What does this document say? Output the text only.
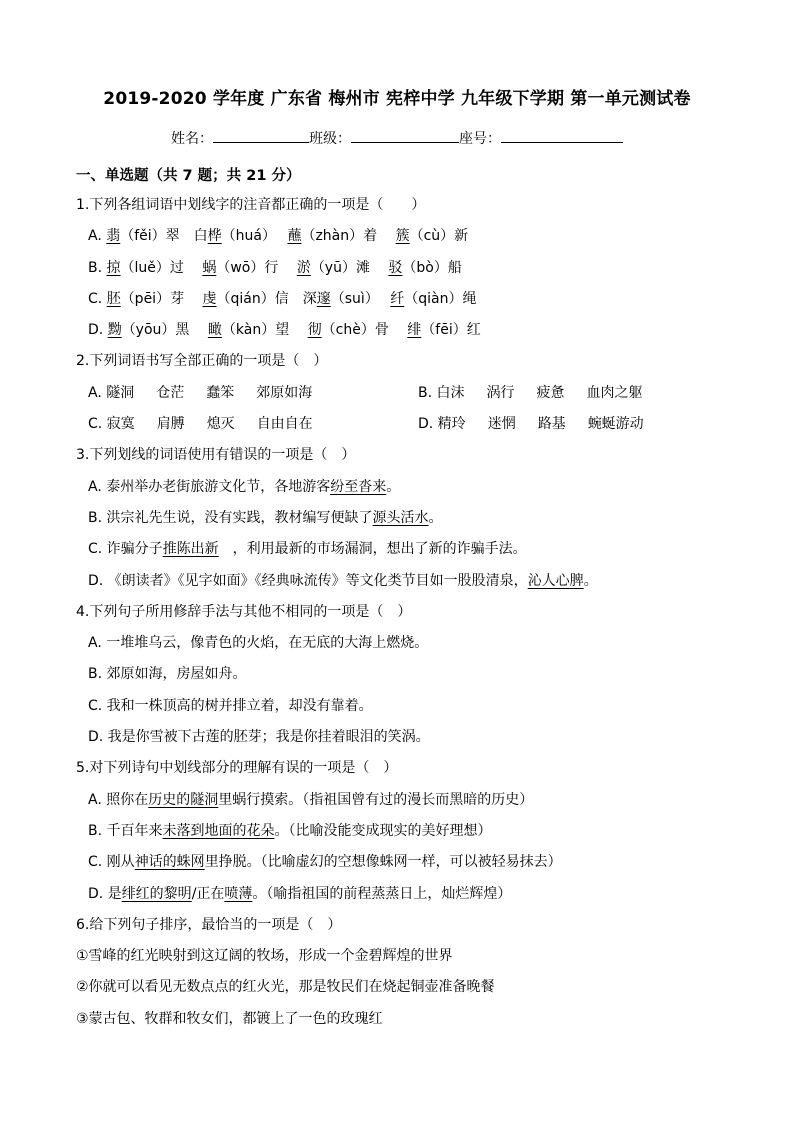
2019-2020 学年度 广东省 梅州市 宪梓中学 九年级下学期 第一单元测试卷
姓名：	班级：	座号：
一、单选题（共 7 题；共 21 分）
1.下列各组词语中划线字的注音都正确的一项是（　　）
A. 翡（fěi）翠　白桦（huá）　 蘸（zhàn）着　 簇（cù）新
B. 掠（luě）过　 蜗（wō）行　 淤（yū）滩　 驳（bò）船
C. 胚（pēi）芽　 虔（qián）信　深邃（suì）　 纤（qiàn）绳
D. 黝（yōu）黑　 瞰（kàn）望　 彻（chè）骨　 绯（fēi）红
2.下列词语书写全部正确的一项是（　）
A. 隧洞 仓茫 蠢笨 郊原如海	B. 白沫 涡行 疲惫 血肉之躯
C. 寂寞 肩膊 熄灭 自由自在	D. 精玲 迷惘 路基 蜿蜒游动
3.下列划线的词语使用有错误的一项是（　）
A. 泰州举办老街旅游文化节，各地游客纷至沓来。
B. 洪宗礼先生说，没有实践，教材编写便缺了源头活水。
C. 诈骗分子推陈出新　，利用最新的市场漏洞，想出了新的诈骗手法。
D. 《朗读者》《见字如面》《经典咏流传》等文化类节目如一股股清泉，沁人心脾。
4.下列句子所用修辞手法与其他不相同的一项是（　）
A. 一堆堆乌云，像青色的火焰，在无底的大海上燃烧。
B. 郊原如海，房屋如舟。
C. 我和一株顶高的树并排立着，却没有靠着。
D. 我是你雪被下古莲的胚芽；我是你挂着眼泪的笑涡。
5.对下列诗句中划线部分的理解有误的一项是（　）
A. 照你在历史的隧洞里蜗行摸索。（指祖国曾有过的漫长而黑暗的历史）
B. 千百年来未落到地面的花朵。（比喻没能变成现实的美好理想）
C. 刚从神话的蛛网里挣脱。（比喻虚幻的空想像蛛网一样，可以被轻易抹去）
D. 是绯红的黎明/正在喷薄。（喻指祖国的前程蒸蒸日上，灿烂辉煌）
6.给下列句子排序，最恰当的一项是（　）
①雪峰的红光映射到这辽阔的牧场，形成一个金碧辉煌的世界
②你就可以看见无数点点的红火光，那是牧民们在烧起铜壶准备晚餐
③蒙古包、牧群和牧女们，都镀上了一色的玫瑰红
